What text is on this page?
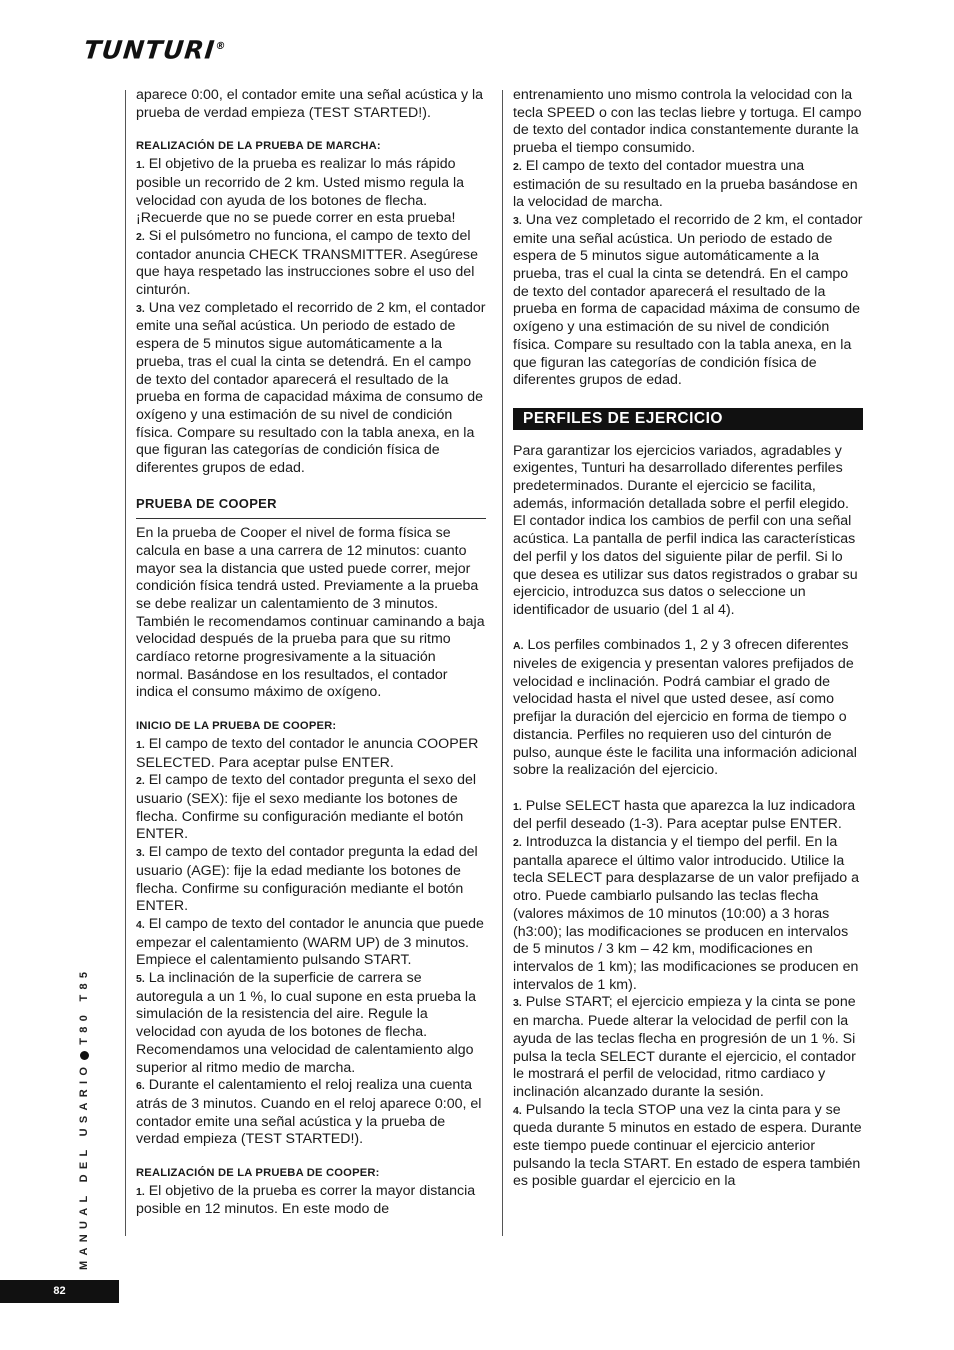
TUNTURI®

aparece 0:00, el contador emite una señal acústica y la prueba de verdad empieza (TEST STARTED!).

REALIZACIÓN DE LA PRUEBA DE MARCHA:

1. El objetivo de la prueba es realizar lo más rápido posible un recorrido de 2 km. Usted mismo regula la velocidad con ayuda de los botones de flecha. ¡Recuerde que no se puede correr en esta prueba!

2. Si el pulsómetro no funciona, el campo de texto del contador anuncia CHECK TRANSMITTER. Asegúrese que haya respetado las instrucciones sobre el uso del cinturón.

3. Una vez completado el recorrido de 2 km, el contador emite una señal acústica. Un periodo de estado de espera de 5 minutos sigue automáticamente a la prueba, tras el cual la cinta se detendrá. En el campo de texto del contador aparecerá el resultado de la prueba en forma de capacidad máxima de consumo de oxígeno y una estimación de su nivel de condición física. Compare su resultado con la tabla anexa, en la que figuran las categorías de condición física de diferentes grupos de edad.

PRUEBA DE COOPER

En la prueba de Cooper el nivel de forma física se calcula en base a una carrera de 12 minutos: cuanto mayor sea la distancia que usted puede correr, mejor condición física tendrá usted. Previamente a la prueba se debe realizar un calentamiento de 3 minutos. También le recomendamos continuar caminando a baja velocidad después de la prueba para que su ritmo cardíaco retorne progresivamente a la situación normal. Basándose en los resultados, el contador indica el consumo máximo de oxígeno.

INICIO DE LA PRUEBA DE COOPER:

1. El campo de texto del contador le anuncia COOPER SELECTED. Para aceptar pulse ENTER.

2. El campo de texto del contador pregunta el sexo del usuario (SEX): fije el sexo mediante los botones de flecha. Confirme su configuración mediante el botón ENTER.

3. El campo de texto del contador pregunta la edad del usuario (AGE): fije la edad mediante los botones de flecha. Confirme su configuración mediante el botón ENTER.

4. El campo de texto del contador le anuncia que puede empezar el calentamiento (WARM UP) de 3 minutos. Empiece el calentamiento pulsando START.

5. La inclinación de la superficie de carrera se autoregula a un 1 %, lo cual supone en esta prueba la simulación de la resistencia del aire. Regule la velocidad con ayuda de los botones de flecha. Recomendamos una velocidad de calentamiento algo superior al ritmo medio de marcha.

6. Durante el calentamiento el reloj realiza una cuenta atrás de 3 minutos. Cuando en el reloj aparece 0:00, el contador emite una señal acústica y la prueba de verdad empieza (TEST STARTED!).

REALIZACIÓN DE LA PRUEBA DE COOPER:

1. El objetivo de la prueba es correr la mayor distancia posible en 12 minutos. En este modo de

entrenamiento uno mismo controla la velocidad con la tecla SPEED o con las teclas liebre y tortuga. El campo de texto del contador indica constantemente durante la prueba el tiempo consumido.

2. El campo de texto del contador muestra una estimación de su resultado en la prueba basándose en la velocidad de marcha.

3. Una vez completado el recorrido de 2 km, el contador emite una señal acústica. Un periodo de estado de espera de 5 minutos sigue automáticamente a la prueba, tras el cual la cinta se detendrá. En el campo de texto del contador aparecerá el resultado de la prueba en forma de capacidad máxima de consumo de oxígeno y una estimación de su nivel de condición física. Compare su resultado con la tabla anexa, en la que figuran las categorías de condición física de diferentes grupos de edad.

PERFILES DE EJERCICIO

Para garantizar los ejercicios variados, agradables y exigentes, Tunturi ha desarrollado diferentes perfiles predeterminados. Durante el ejercicio se facilita, además, información detallada sobre el perfil elegido. El contador indica los cambios de perfil con una señal acústica. La pantalla de perfil indica las características del perfil y los datos del siguiente pilar de perfil. Si lo que desea es utilizar sus datos registrados o grabar su ejercicio, introduzca sus datos o seleccione un identificador de usuario (del 1 al 4).

A. Los perfiles combinados 1, 2 y 3 ofrecen diferentes niveles de exigencia y presentan valores prefijados de velocidad e inclinación. Podrá cambiar el grado de velocidad hasta el nivel que usted desee, así como prefijar la duración del ejercicio en forma de tiempo o distancia. Perfiles no requieren uso del cinturón de pulso, aunque éste le facilita una información adicional sobre la realización del ejercicio.

1. Pulse SELECT hasta que aparezca la luz indicadora del perfil deseado (1-3). Para aceptar pulse ENTER.

2. Introduzca la distancia y el tiempo del perfil. En la pantalla aparece el último valor introducido. Utilice la tecla SELECT para desplazarse de un valor prefijado a otro. Puede cambiarlo pulsando las teclas flecha (valores máximos de 10 minutos (10:00) a 3 horas (h3:00); las modificaciones se producen en intervalos de 5 minutos / 3 km – 42 km, modificaciones en intervalos de 1 km); las modificaciones se producen en intervalos de 1 km).

3. Pulse START; el ejercicio empieza y la cinta se pone en marcha. Puede alterar la velocidad de perfil con la ayuda de las teclas flecha en progresión de un 1 %. Si pulsa la tecla SELECT durante el ejercicio, el contador le mostrará el perfil de velocidad, ritmo cardiaco y inclinación alcanzado durante la sesión.

4. Pulsando la tecla STOP una vez la cinta para y se queda durante 5 minutos en estado de espera. Durante este tiempo puede continuar el ejercicio anterior pulsando la tecla START. En estado de espera también es posible guardar el ejercicio en la

MANUAL DEL USARIOT80 T85
82
